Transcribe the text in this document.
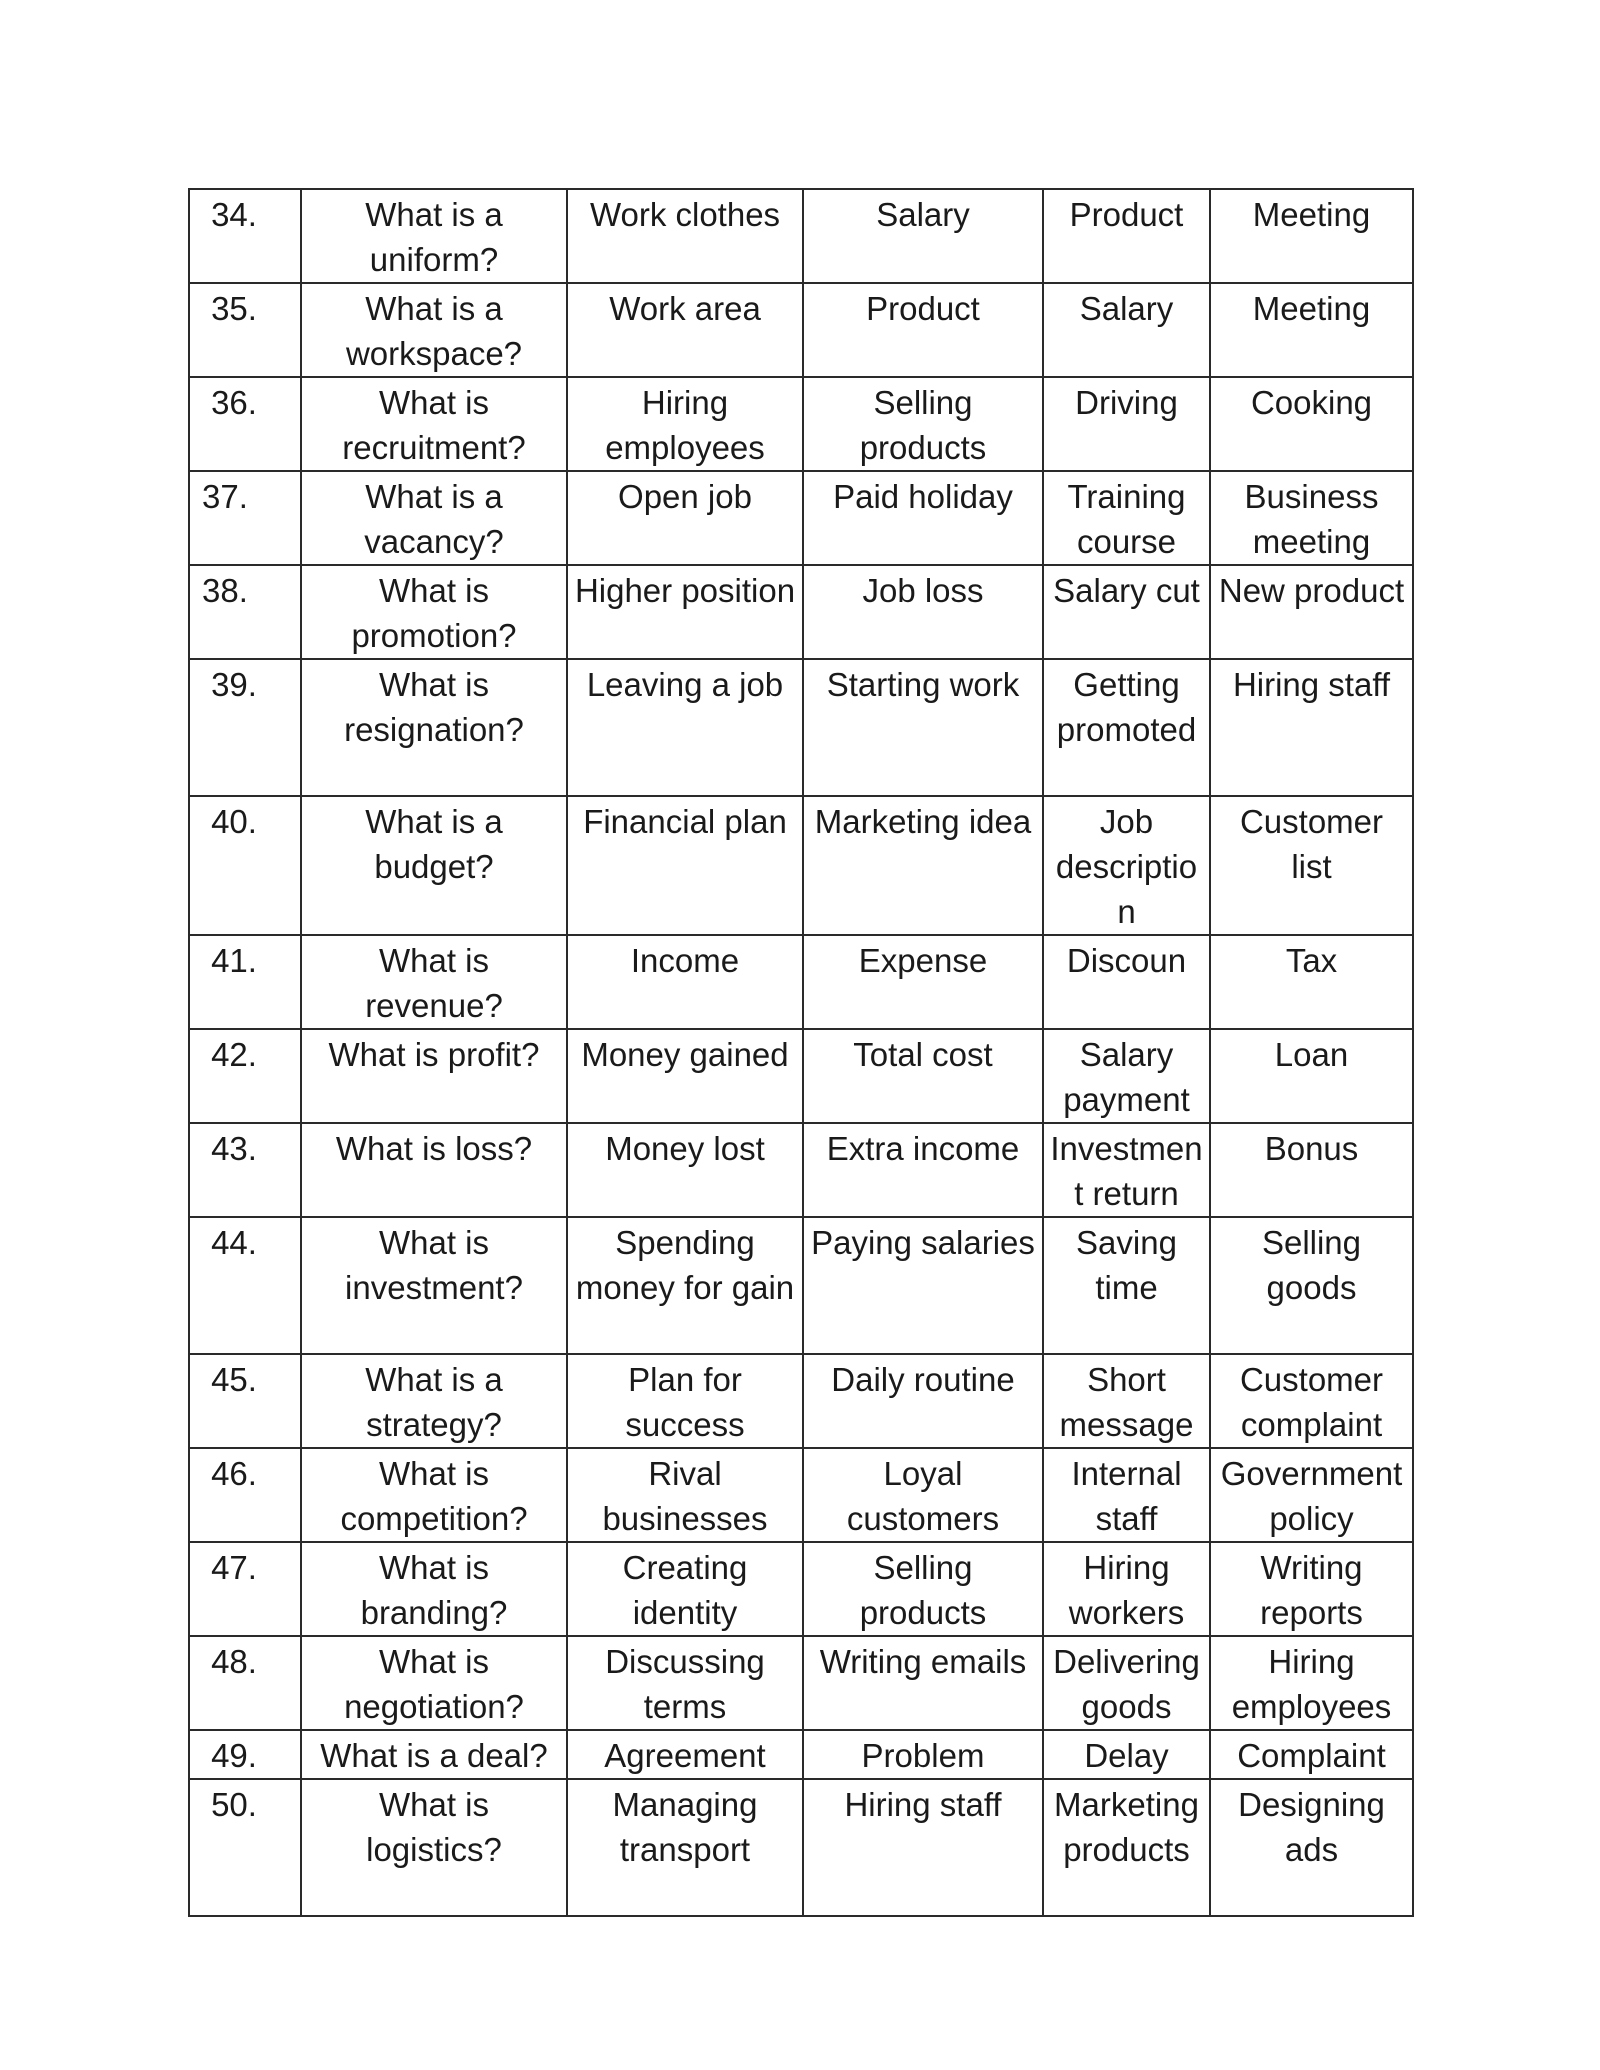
34.	What is a uniform?	Work clothes	Salary	Product	Meeting
35.	What is a workspace?	Work area	Product	Salary	Meeting
36.	What is recruitment?	Hiring employees	Selling products	Driving	Cooking
37.	What is a vacancy?	Open job	Paid holiday	Training course	Business meeting
38.	What is promotion?	Higher position	Job loss	Salary cut	New product
39.	What is resignation?	Leaving a job	Starting work	Getting promoted	Hiring staff
40.	What is a budget?	Financial plan	Marketing idea	Job description	Customer list
41.	What is revenue?	Income	Expense	Discoun	Tax
42.	What is profit?	Money gained	Total cost	Salary payment	Loan
43.	What is loss?	Money lost	Extra income	Investment return	Bonus
44.	What is investment?	Spending money for gain	Paying salaries	Saving time	Selling goods
45.	What is a strategy?	Plan for success	Daily routine	Short message	Customer complaint
46.	What is competition?	Rival businesses	Loyal customers	Internal staff	Government policy
47.	What is branding?	Creating identity	Selling products	Hiring workers	Writing reports
48.	What is negotiation?	Discussing terms	Writing emails	Delivering goods	Hiring employees
49.	What is a deal?	Agreement	Problem	Delay	Complaint
50.	What is logistics?	Managing transport	Hiring staff	Marketing products	Designing ads
